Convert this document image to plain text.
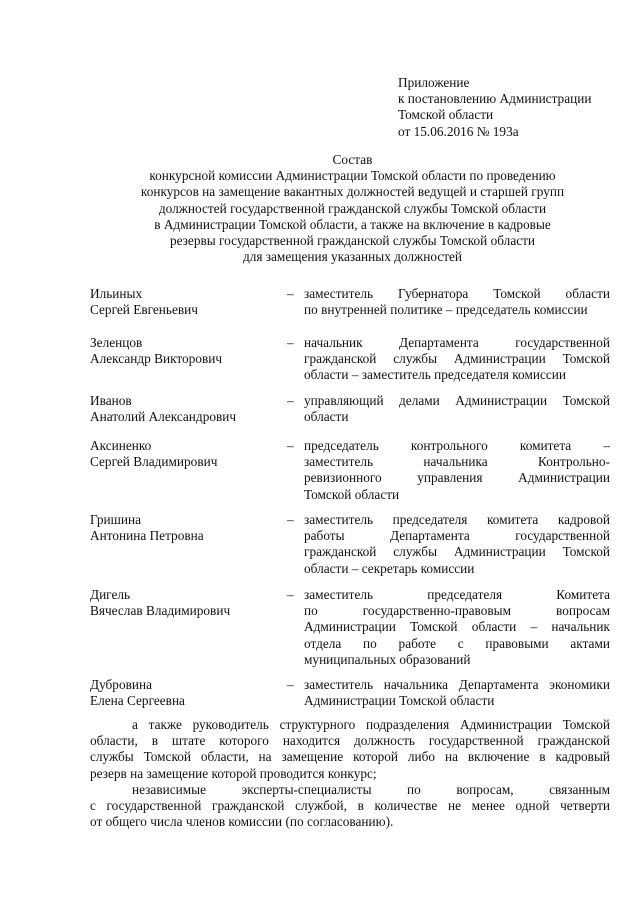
Приложение
к постановлению Администрации
Томской области
от 15.06.2016 № 193а
Состав
конкурсной комиссии Администрации Томской области по проведению
конкурсов на замещение вакантных должностей ведущей и старшей групп
должностей государственной гражданской службы Томской области
в Администрации Томской области, а также на включение в кадровые
резервы государственной гражданской службы Томской области
для замещения указанных должностей
Ильиных
Сергей Евгеньевич
– заместитель Губернатора Томской области
по внутренней политике – председатель комиссии
Зеленцов
Александр Викторович
– начальник Департамента государственной
гражданской службы Администрации Томской
области – заместитель председателя комиссии
Иванов
Анатолий Александрович
– управляющий делами Администрации Томской
области
Аксиненко
Сергей Владимирович
– председатель контрольного комитета –
заместитель начальника Контрольно-
ревизионного управления Администрации
Томской области
Гришина
Антонина Петровна
– заместитель председателя комитета кадровой
работы Департамента государственной
гражданской службы Администрации Томской
области – секретарь комиссии
Дигель
Вячеслав Владимирович
– заместитель председателя Комитета
по государственно-правовым вопросам
Администрации Томской области – начальник
отдела по работе с правовыми актами
муниципальных образований
Дубровина
Елена Сергеевна
– заместитель начальника Департамента экономики
Администрации Томской области
а также руководитель структурного подразделения Администрации Томской
области, в штате которого находится должность государственной гражданской
службы Томской области, на замещение которой либо на включение в кадровый
резерв на замещение которой проводится конкурс;
независимые эксперты-специалисты по вопросам, связанным
с государственной гражданской службой, в количестве не менее одной четверти
от общего числа членов комиссии (по согласованию).
